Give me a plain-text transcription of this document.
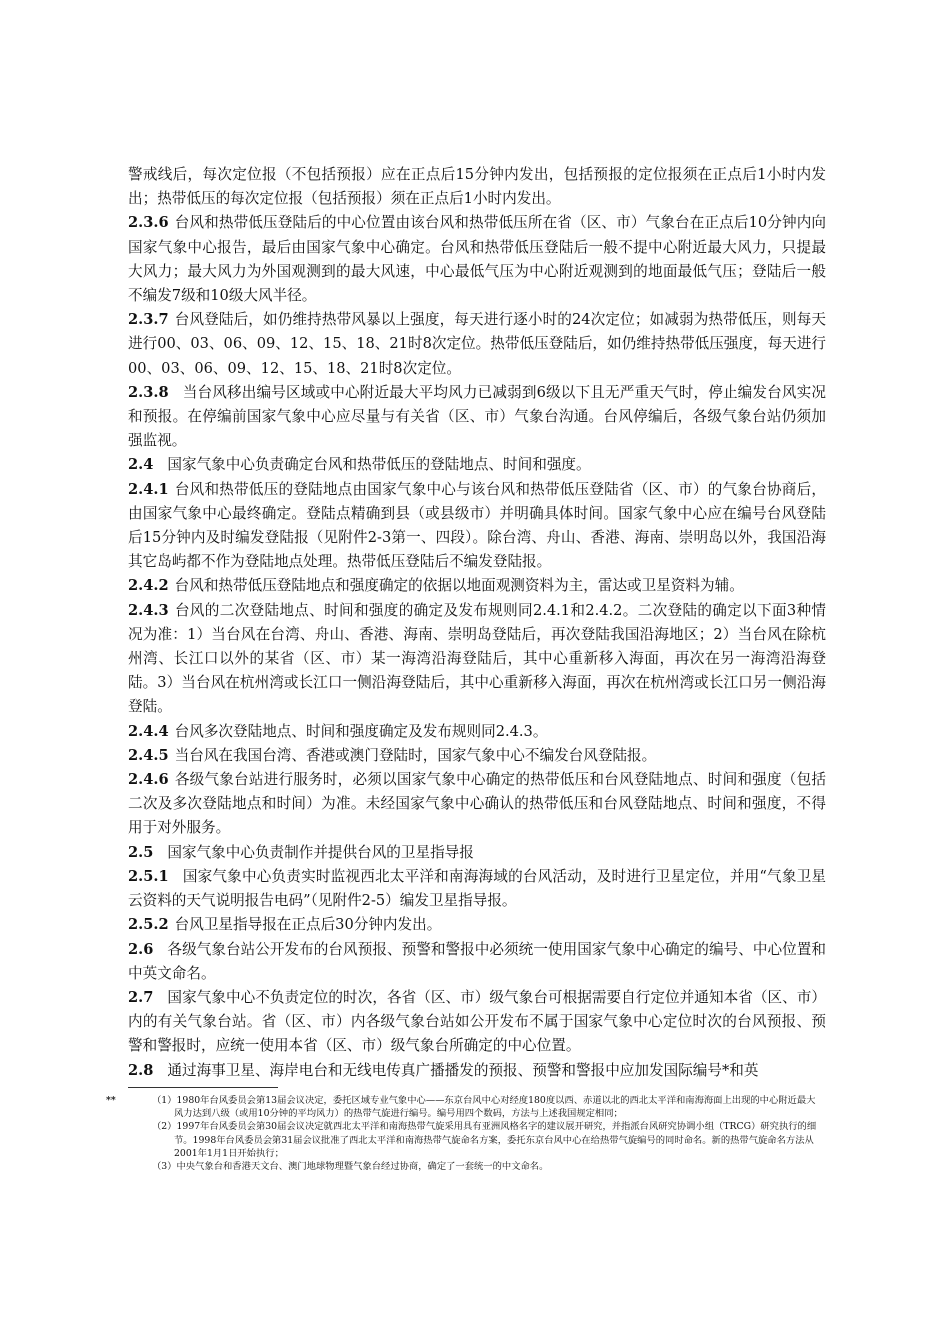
警戒线后，每次定位报（不包括预报）应在正点后15分钟内发出，包括预报的定位报须在正点后1小时内发出；热带低压的每次定位报（包括预报）须在正点后1小时内发出。

2.3.6 台风和热带低压登陆后的中心位置由该台风和热带低压所在省（区、市）气象台在正点后10分钟内向国家气象中心报告，最后由国家气象中心确定。台风和热带低压登陆后一般不提中心附近最大风力，只提最大风力；最大风力为外国观测到的最大风速，中心最低气压为中心附近观测到的地面最低气压；登陆后一般不编发7级和10级大风半径。

2.3.7 台风登陆后，如仍维持热带风暴以上强度，每天进行逐小时的24次定位；如减弱为热带低压，则每天进行00、03、06、09、12、15、18、21时8次定位。热带低压登陆后，如仍维持热带低压强度，每天进行00、03、06、09、12、15、18、21时8次定位。

2.3.8 当台风移出编号区域或中心附近最大平均风力已减弱到6级以下且无严重天气时，停止编发台风实况和预报。在停编前国家气象中心应尽量与有关省（区、市）气象台沟通。台风停编后，各级气象台站仍须加强监视。

2.4 国家气象中心负责确定台风和热带低压的登陆地点、时间和强度。

2.4.1 台风和热带低压的登陆地点由国家气象中心与该台风和热带低压登陆省（区、市）的气象台协商后，由国家气象中心最终确定。登陆点精确到县（或县级市）并明确具体时间。国家气象中心应在编号台风登陆后15分钟内及时编发登陆报（见附件2-3第一、四段）。除台湾、舟山、香港、海南、崇明岛以外，我国沿海其它岛屿都不作为登陆地点处理。热带低压登陆后不编发登陆报。

2.4.2 台风和热带低压登陆地点和强度确定的依据以地面观测资料为主，雷达或卫星资料为辅。

2.4.3 台风的二次登陆地点、时间和强度的确定及发布规则同2.4.1和2.4.2。二次登陆的确定以下面3种情况为准：1）当台风在台湾、舟山、香港、海南、崇明岛登陆后，再次登陆我国沿海地区；2）当台风在除杭州湾、长江口以外的某省（区、市）某一海湾沿海登陆后，其中心重新移入海面，再次在另一海湾沿海登陆。3）当台风在杭州湾或长江口一侧沿海登陆后，其中心重新移入海面，再次在杭州湾或长江口另一侧沿海登陆。

2.4.4 台风多次登陆地点、时间和强度确定及发布规则同2.4.3。

2.4.5 当台风在我国台湾、香港或澳门登陆时，国家气象中心不编发台风登陆报。

2.4.6 各级气象台站进行服务时，必须以国家气象中心确定的热带低压和台风登陆地点、时间和强度（包括二次及多次登陆地点和时间）为准。未经国家气象中心确认的热带低压和台风登陆地点、时间和强度，不得用于对外服务。

2.5 国家气象中心负责制作并提供台风的卫星指导报

2.5.1 国家气象中心负责实时监视西北太平洋和南海海域的台风活动，及时进行卫星定位，并用“气象卫星云资料的天气说明报告电码”（见附件2-5）编发卫星指导报。

2.5.2 台风卫星指导报在正点后30分钟内发出。

2.6 各级气象台站公开发布的台风预报、预警和警报中必须统一使用国家气象中心确定的编号、中心位置和中英文命名。

2.7 国家气象中心不负责定位的时次，各省（区、市）级气象台可根据需要自行定位并通知本省（区、市）内的有关气象台站。省（区、市）内各级气象台站如公开发布不属于国家气象中心定位时次的台风预报、预警和警报时，应统一使用本省（区、市）级气象台所确定的中心位置。

2.8 通过海事卫星、海岸电台和无线电传真广播播发的预报、预警和警报中应加发国际编号*和英

**	（1）1980年台风委员会第13届会议决定，委托区域专业气象中心——东京台风中心对经度180度以西、赤道以北的西北太平洋和南海海面上出现的中心附近最大风力达到八级（或用10分钟的平均风力）的热带气旋进行编号。编号用四个数码，方法与上述我国规定相同；

（2）1997年台风委员会第30届会议决定就西北太平洋和南海热带气旋采用具有亚洲风格名字的建议展开研究，并指派台风研究协调小组（TRCG）研究执行的细节。1998年台风委员会第31届会议批准了西北太平洋和南海热带气旋命名方案，委托东京台风中心在给热带气旋编号的同时命名。新的热带气旋命名方法从2001年1月1日开始执行；

（3）中央气象台和香港天文台、澳门地球物理暨气象台经过协商，确定了一套统一的中文命名。
